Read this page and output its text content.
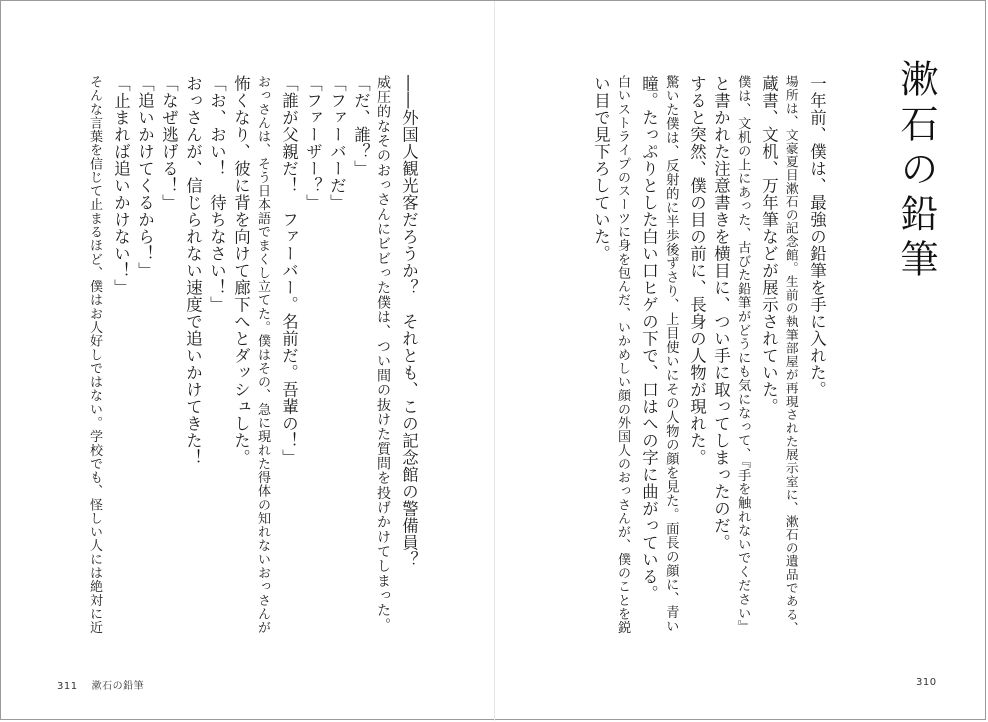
漱石の鉛筆
一年前、僕は、最強の鉛筆を手に入れた。
場所は、文豪夏目漱石の記念館。生前の執筆部屋が再現された展示室に、漱石の遺品である、
蔵書、文机、万年筆などが展示されていた。
僕は、文机の上にあった、古びた鉛筆がどうにも気になって、『手を触れないでください』
と書かれた注意書きを横目に、つい手に取ってしまったのだ。
すると突然、僕の目の前に、長身の人物が現れた。
驚いた僕は、反射的に半歩後ずさり、上目使いにその人物の顔を見た。面長の顔に、青い
瞳。たっぷりとした白い口ヒゲの下で、口はへの字に曲がっている。
白いストライプのスーツに身を包んだ、いかめしい顔の外国人のおっさんが、僕のことを鋭
い目で見下ろしていた。
――外国人観光客だろうか？　それとも、この記念館の警備員？
威圧的なそのおっさんにビビった僕は、つい間の抜けた質問を投げかけてしまった。
「だ、誰？」
「ファーバーだ」
「ファーザー？」
「誰が父親だ！　ファーバー。名前だ。吾輩の！」
おっさんは、そう日本語でまくし立てた。僕はその、急に現れた得体の知れないおっさんが
怖くなり、彼に背を向けて廊下へとダッシュした。
「お、おい！　待ちなさい！」
おっさんが、信じられない速度で追いかけてきた！
「なぜ逃げる！」
「追いかけてくるから！」
「止まれば追いかけない！」
そんな言葉を信じて止まるほど、僕はお人好しではない。学校でも、怪しい人には絶対に近
311 漱石の鉛筆	310
